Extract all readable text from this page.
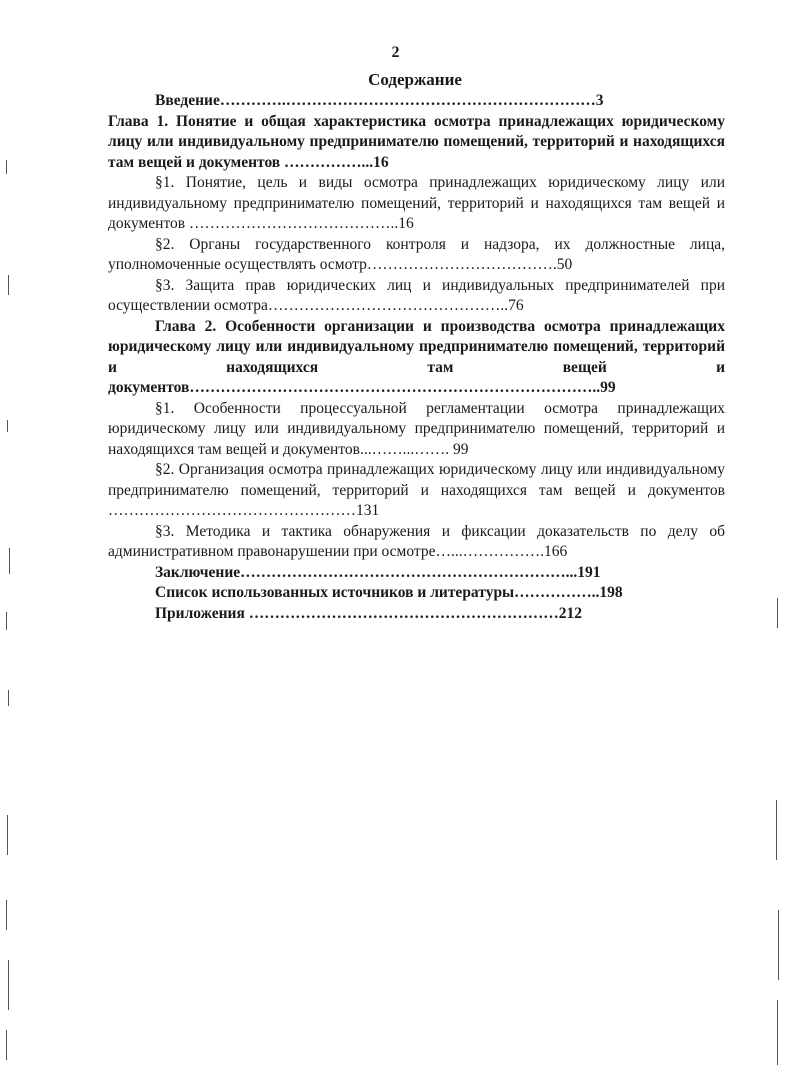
2
Содержание

Введение………….……………………………………………………3

Глава 1. Понятие и общая характеристика осмотра принадлежащих юридическому лицу или индивидуальному предпринимателю помещений, территорий и находящихся там вещей и документов ……………...16

§1. Понятие, цель и виды осмотра принадлежащих юридическому лицу или индивидуальному предпринимателю помещений, территорий и находящихся там вещей и документов …………………………………..16

§2. Органы государственного контроля и надзора, их должностные лица, уполномоченные осуществлять осмотр……………………………….50

§3. Защита прав юридических лиц и индивидуальных предпринимателей при осуществлении осмотра………………………………………..76

Глава 2. Особенности организации и производства осмотра принадлежащих юридическому лицу или индивидуальному предпринимателю помещений, территорий и находящихся там вещей и документов……………………………………………………………………..99

§1. Особенности процессуальной регламентации осмотра принадлежащих юридическому лицу или индивидуальному предпринимателю помещений, территорий и находящихся там вещей и документов...……...……. 99

§2. Организация осмотра принадлежащих юридическому лицу или индивидуальному предпринимателю помещений, территорий и находящихся там вещей и документов …………………………………………131

§3. Методика и тактика обнаружения и фиксации доказательств по делу об административном правонарушении при осмотре…...…………….166

Заключение………………………………………………………...191

Список использованных источников и литературы……………..198

Приложения ……………………………………………………212
